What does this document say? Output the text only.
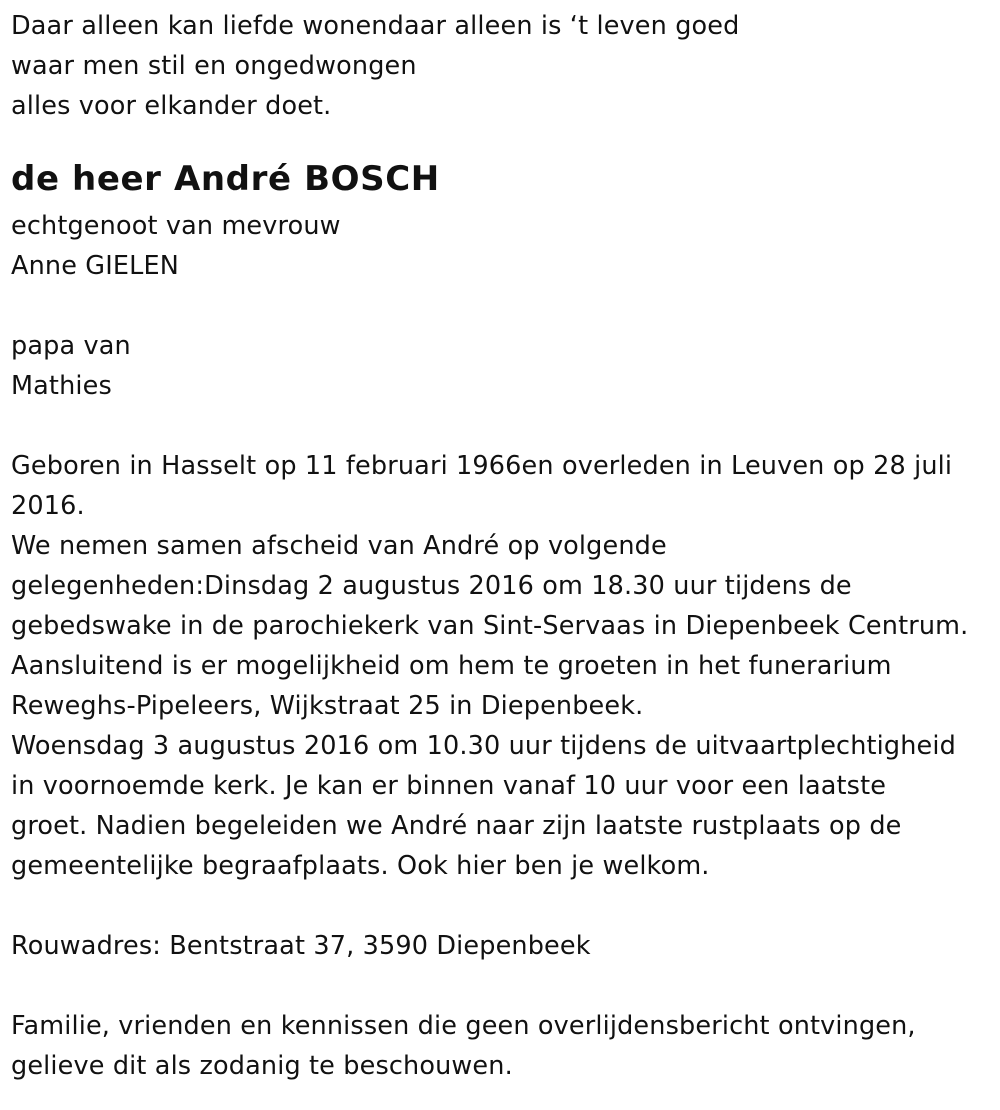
Daar alleen kan liefde wonendaar alleen is ‘t leven goed
waar men stil en ongedwongen
alles voor elkander doet.
de heer André BOSCH
echtgenoot van mevrouw
Anne GIELEN
papa van
Mathies
Geboren in Hasselt op 11 februari 1966en overleden in Leuven op 28 juli
2016.
We nemen samen afscheid van André op volgende
gelegenheden:Dinsdag 2 augustus 2016 om 18.30 uur tijdens de
gebedswake in de parochiekerk van Sint-Servaas in Diepenbeek Centrum.
Aansluitend is er mogelijkheid om hem te groeten in het funerarium
Reweghs-Pipeleers, Wijkstraat 25 in Diepenbeek.
Woensdag 3 augustus 2016 om 10.30 uur tijdens de uitvaartplechtigheid
in voornoemde kerk. Je kan er binnen vanaf 10 uur voor een laatste
groet. Nadien begeleiden we André naar zijn laatste rustplaats op de
gemeentelijke begraafplaats. Ook hier ben je welkom.
Rouwadres: Bentstraat 37, 3590 Diepenbeek
Familie, vrienden en kennissen die geen overlijdensbericht ontvingen,
gelieve dit als zodanig te beschouwen.
